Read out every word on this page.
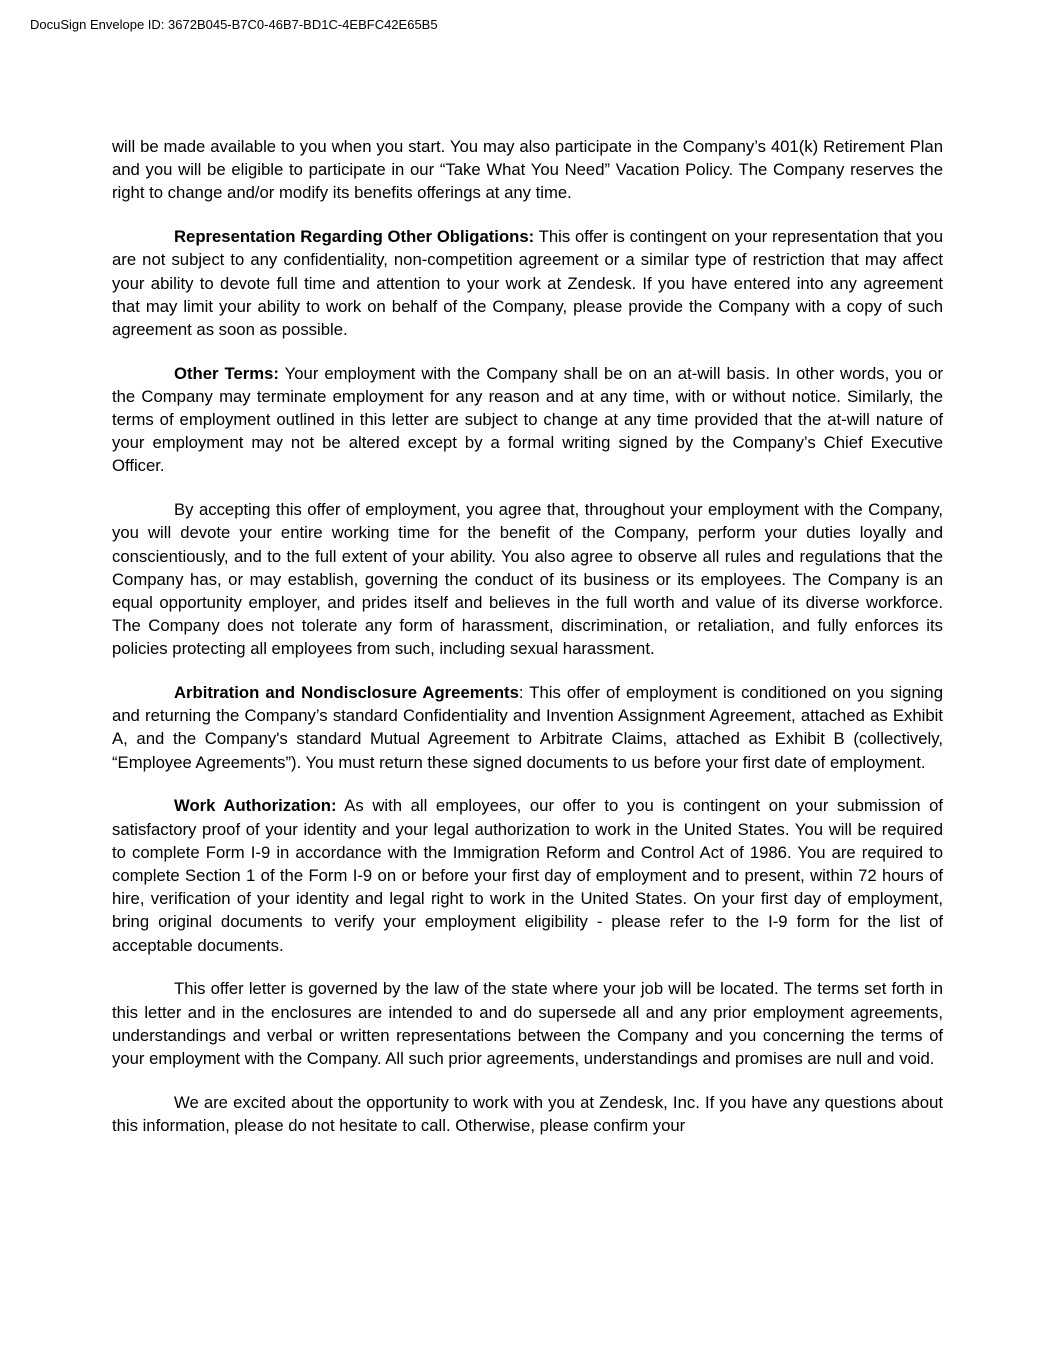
DocuSign Envelope ID: 3672B045-B7C0-46B7-BD1C-4EBFC42E65B5

will be made available to you when you start. You may also participate in the Company’s 401(k) Retirement Plan and you will be eligible to participate in our “Take What You Need” Vacation Policy. The Company reserves the right to change and/or modify its benefits offerings at any time.

Representation Regarding Other Obligations: This offer is contingent on your representation that you are not subject to any confidentiality, non-competition agreement or a similar type of restriction that may affect your ability to devote full time and attention to your work at Zendesk. If you have entered into any agreement that may limit your ability to work on behalf of the Company, please provide the Company with a copy of such agreement as soon as possible.

Other Terms: Your employment with the Company shall be on an at-will basis. In other words, you or the Company may terminate employment for any reason and at any time, with or without notice. Similarly, the terms of employment outlined in this letter are subject to change at any time provided that the at-will nature of your employment may not be altered except by a formal writing signed by the Company’s Chief Executive Officer.

By accepting this offer of employment, you agree that, throughout your employment with the Company, you will devote your entire working time for the benefit of the Company, perform your duties loyally and conscientiously, and to the full extent of your ability. You also agree to observe all rules and regulations that the Company has, or may establish, governing the conduct of its business or its employees. The Company is an equal opportunity employer, and prides itself and believes in the full worth and value of its diverse workforce. The Company does not tolerate any form of harassment, discrimination, or retaliation, and fully enforces its policies protecting all employees from such, including sexual harassment.

Arbitration and Nondisclosure Agreements: This offer of employment is conditioned on you signing and returning the Company’s standard Confidentiality and Invention Assignment Agreement, attached as Exhibit A, and the Company's standard Mutual Agreement to Arbitrate Claims, attached as Exhibit B (collectively, “Employee Agreements”). You must return these signed documents to us before your first date of employment.

Work Authorization: As with all employees, our offer to you is contingent on your submission of satisfactory proof of your identity and your legal authorization to work in the United States. You will be required to complete Form I-9 in accordance with the Immigration Reform and Control Act of 1986. You are required to complete Section 1 of the Form I-9 on or before your first day of employment and to present, within 72 hours of hire, verification of your identity and legal right to work in the United States. On your first day of employment, bring original documents to verify your employment eligibility - please refer to the I-9 form for the list of acceptable documents.

This offer letter is governed by the law of the state where your job will be located. The terms set forth in this letter and in the enclosures are intended to and do supersede all and any prior employment agreements, understandings and verbal or written representations between the Company and you concerning the terms of your employment with the Company. All such prior agreements, understandings and promises are null and void.

We are excited about the opportunity to work with you at Zendesk, Inc. If you have any questions about this information, please do not hesitate to call. Otherwise, please confirm your
